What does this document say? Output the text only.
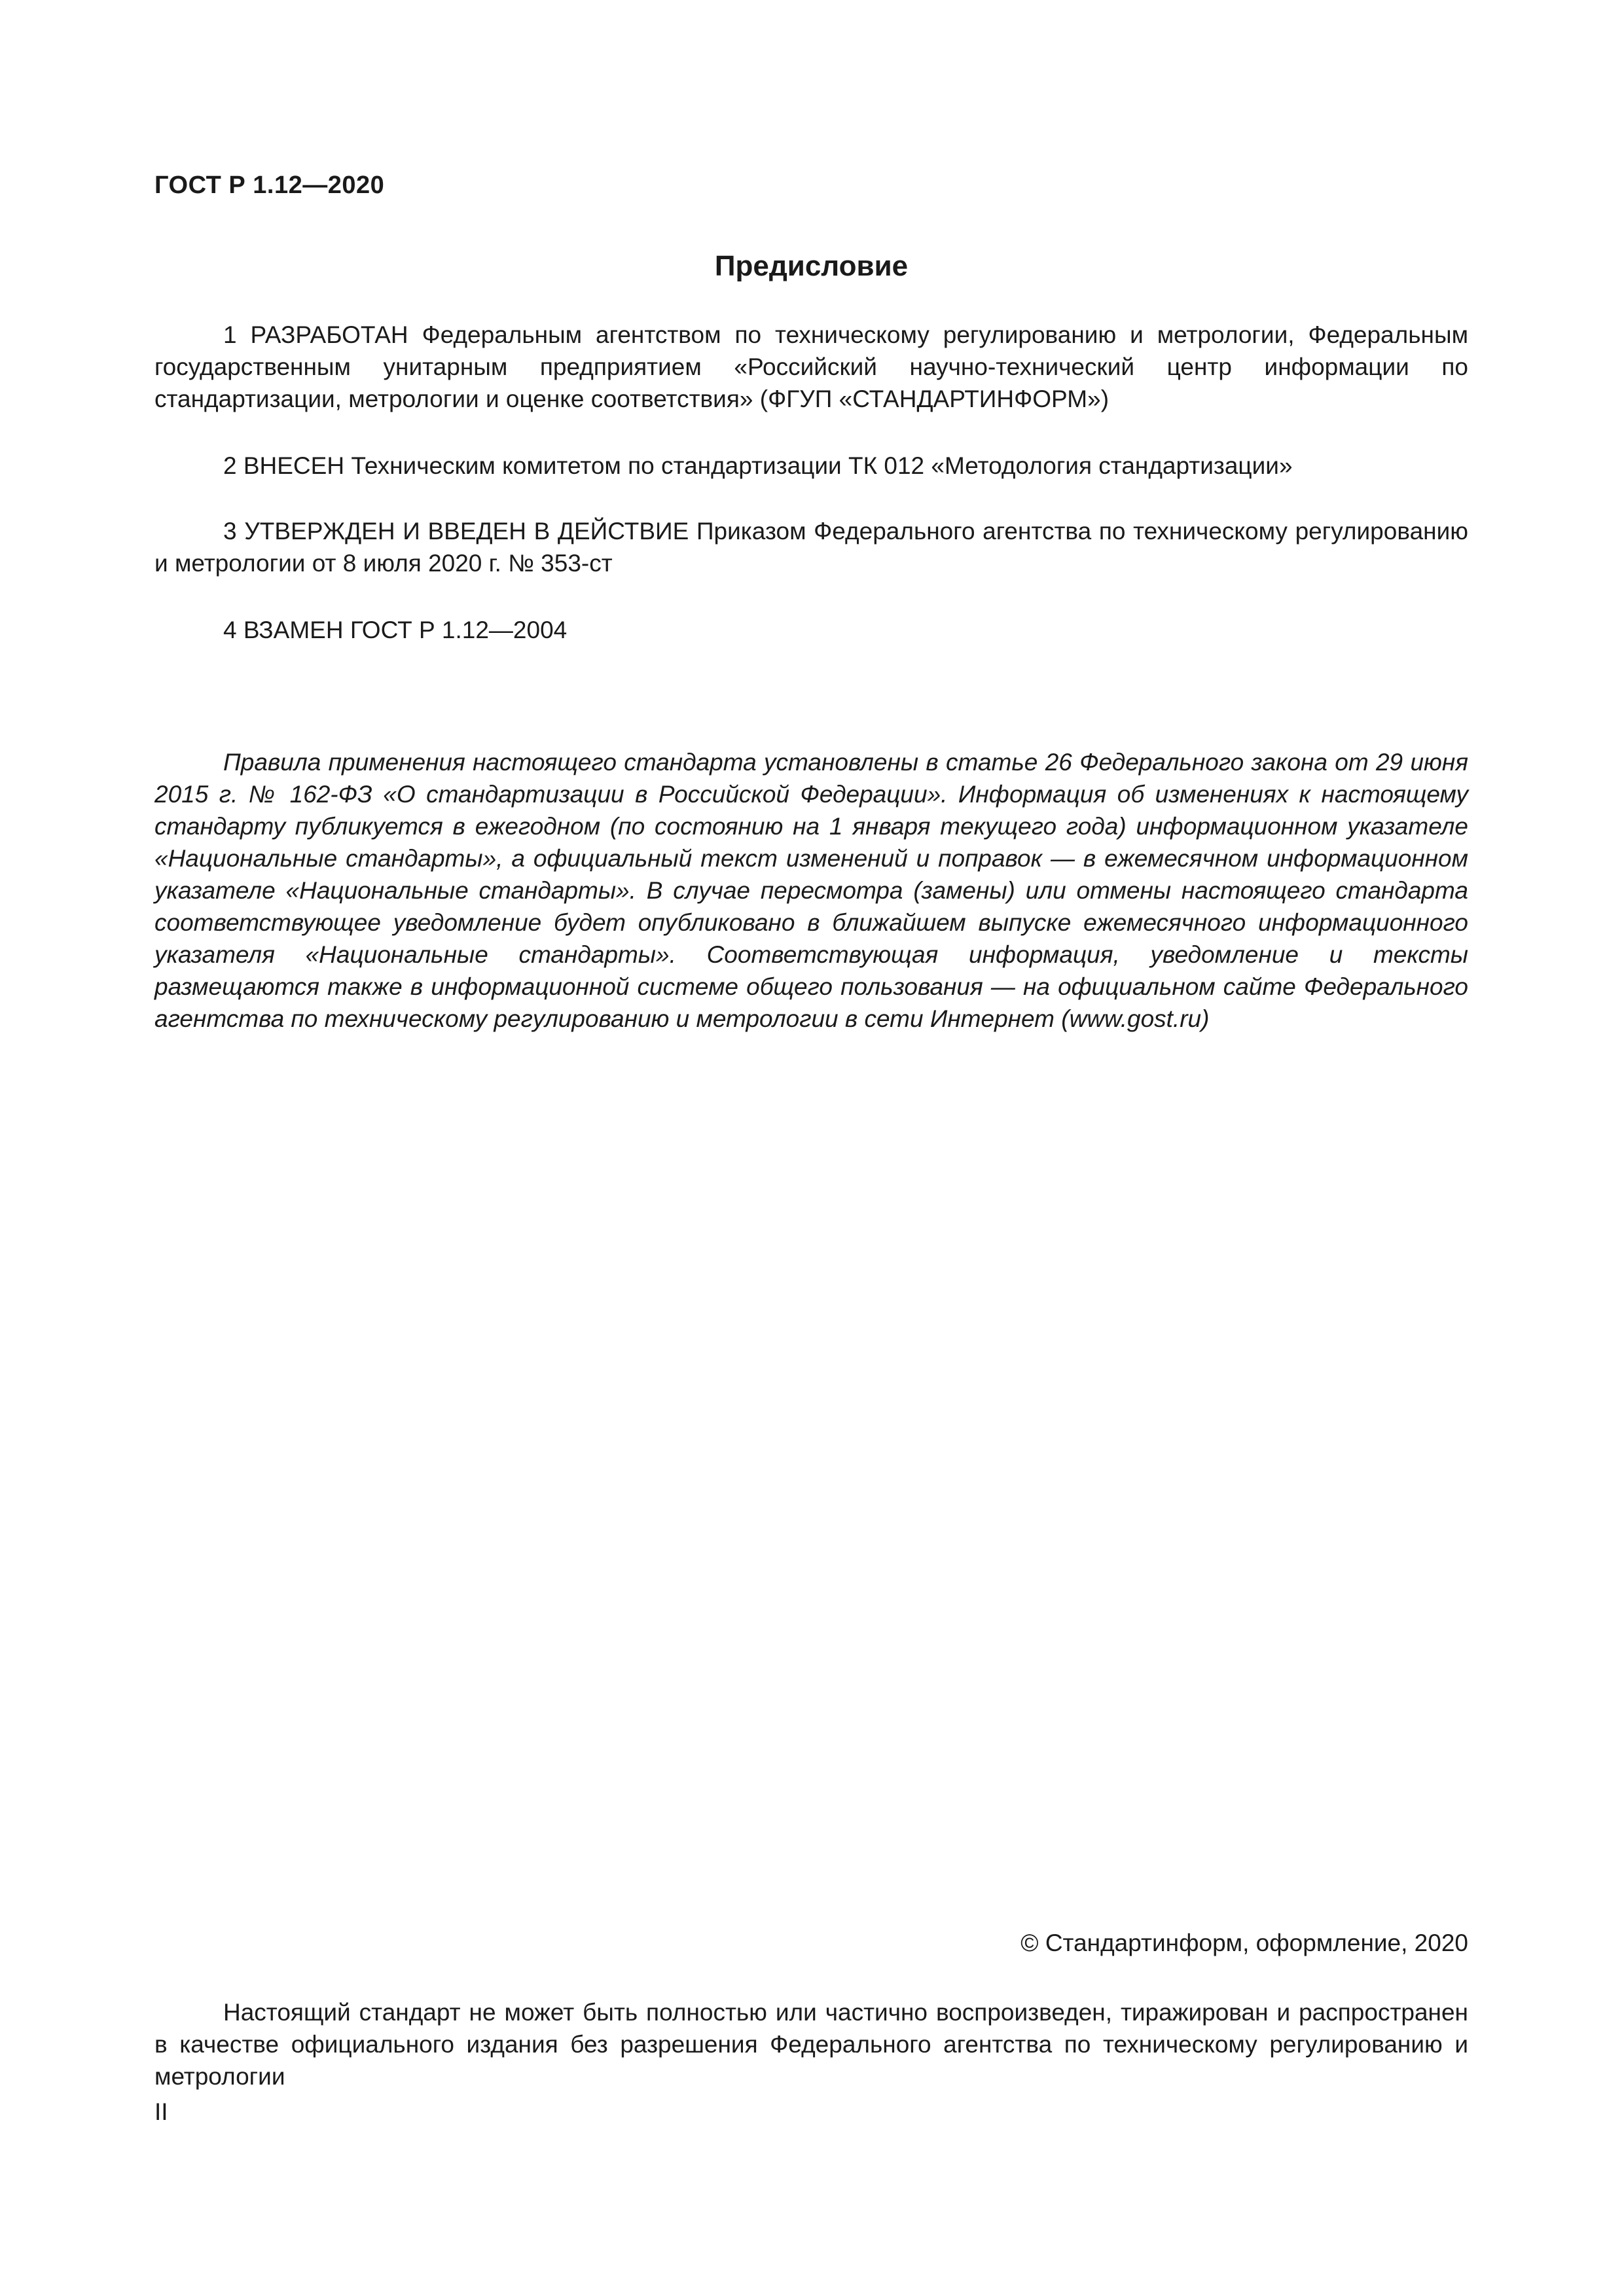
ГОСТ Р 1.12—2020
Предисловие

1 РАЗРАБОТАН Федеральным агентством по техническому регулированию и метрологии, Федеральным государственным унитарным предприятием «Российский научно-технический центр информации по стандартизации, метрологии и оценке соответствия» (ФГУП «СТАНДАРТИНФОРМ»)

2 ВНЕСЕН Техническим комитетом по стандартизации ТК 012 «Методология стандартизации»

3 УТВЕРЖДЕН И ВВЕДЕН В ДЕЙСТВИЕ Приказом Федерального агентства по техническому регулированию и метрологии от 8 июля 2020 г. № 353-ст

4 ВЗАМЕН ГОСТ Р 1.12—2004

Правила применения настоящего стандарта установлены в статье 26 Федерального закона от 29 июня 2015 г. № 162-ФЗ «О стандартизации в Российской Федерации». Информация об изменениях к настоящему стандарту публикуется в ежегодном (по состоянию на 1 января текущего года) информационном указателе «Национальные стандарты», а официальный текст изменений и поправок — в ежемесячном информационном указателе «Национальные стандарты». В случае пересмотра (замены) или отмены настоящего стандарта соответствующее уведомление будет опубликовано в ближайшем выпуске ежемесячного информационного указателя «Национальные стандарты». Соответствующая информация, уведомление и тексты размещаются также в информационной системе общего пользования — на официальном сайте Федерального агентства по техническому регулированию и метрологии в сети Интернет (www.gost.ru)

© Стандартинформ, оформление, 2020

Настоящий стандарт не может быть полностью или частично воспроизведен, тиражирован и распространен в качестве официального издания без разрешения Федерального агентства по техническому регулированию и метрологии

II
